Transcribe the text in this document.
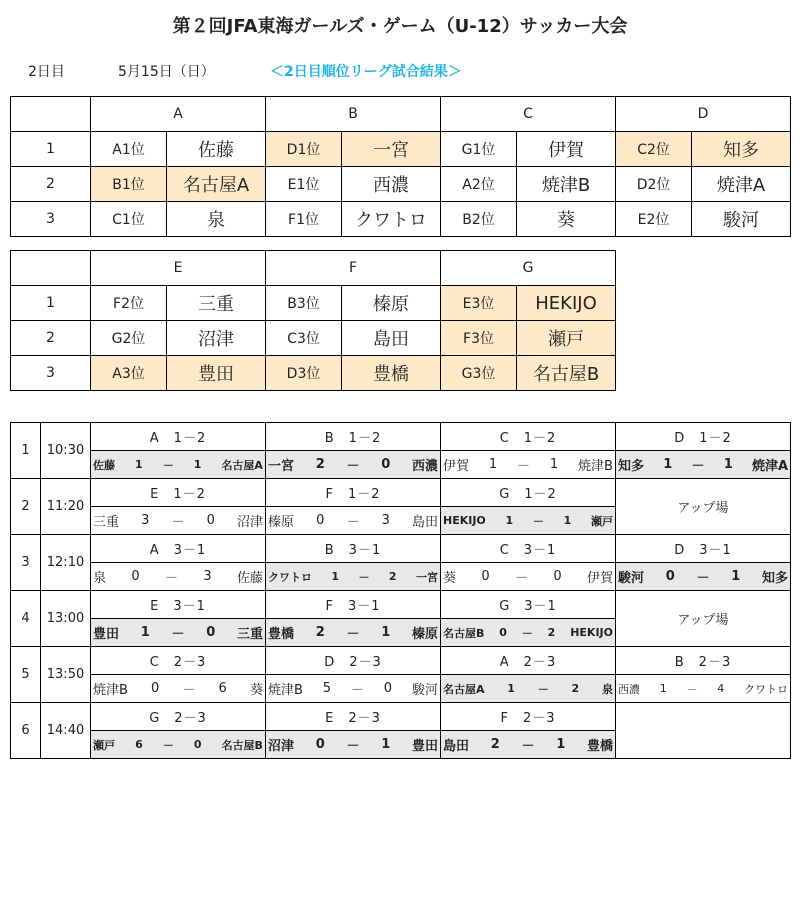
第２回JFA東海ガールズ・ゲーム（U-12）サッカー大会
2日目	5月15日（日）	＜2日目順位リーグ試合結果＞
	A		B		C		D	
1	A1位	佐藤	D1位	一宮	G1位	伊賀	C2位	知多
2	B1位	名古屋A	E1位	西濃	A2位	焼津B	D2位	焼津A
3	C1位	泉	F1位	クワトロ	B2位	葵	E2位	駿河
	E		F		G	
1	F2位	三重	B3位	榛原	E3位	HEKIJO
2	G2位	沼津	C3位	島田	F3位	瀬戸
3	A3位	豊田	D3位	豊橋	G3位	名古屋B
1	10:30	A　1－2	B　1－2	C　1－2	D　1－2

		佐藤 1 － 1 名古屋A	一宮 2 － 0 西濃	伊賀 1 － 1 焼津B	知多 1 － 1 焼津A

2	11:20	E　1－2	F　1－2	G　1－2	アップ場

		三重 3 － 0 沼津	榛原 0 － 3 島田	HEKIJO 1 － 1 瀬戸	

3	12:10	A　3－1	B　3－1	C　3－1	D　3－1

		泉 0 － 3 佐藤	クワトロ 1 － 2 一宮	葵 0 － 0 伊賀	駿河 0 － 1 知多

4	13:00	E　3－1	F　3－1	G　3－1	アップ場

		豊田 1 － 0 三重	豊橋 2 － 1 榛原	名古屋B 0 － 2 HEKIJO	

5	13:50	C　2－3	D　2－3	A　2－3	B　2－3

		焼津B 0 － 6 葵	焼津B 5 － 0 駿河	名古屋A 1 － 2 泉	西濃 1 － 4 クワトロ

6	14:40	G　2－3	E　2－3	F　2－3	

		瀬戸 6 － 0 名古屋B	沼津 0 － 1 豊田	島田 2 － 1 豊橋	
